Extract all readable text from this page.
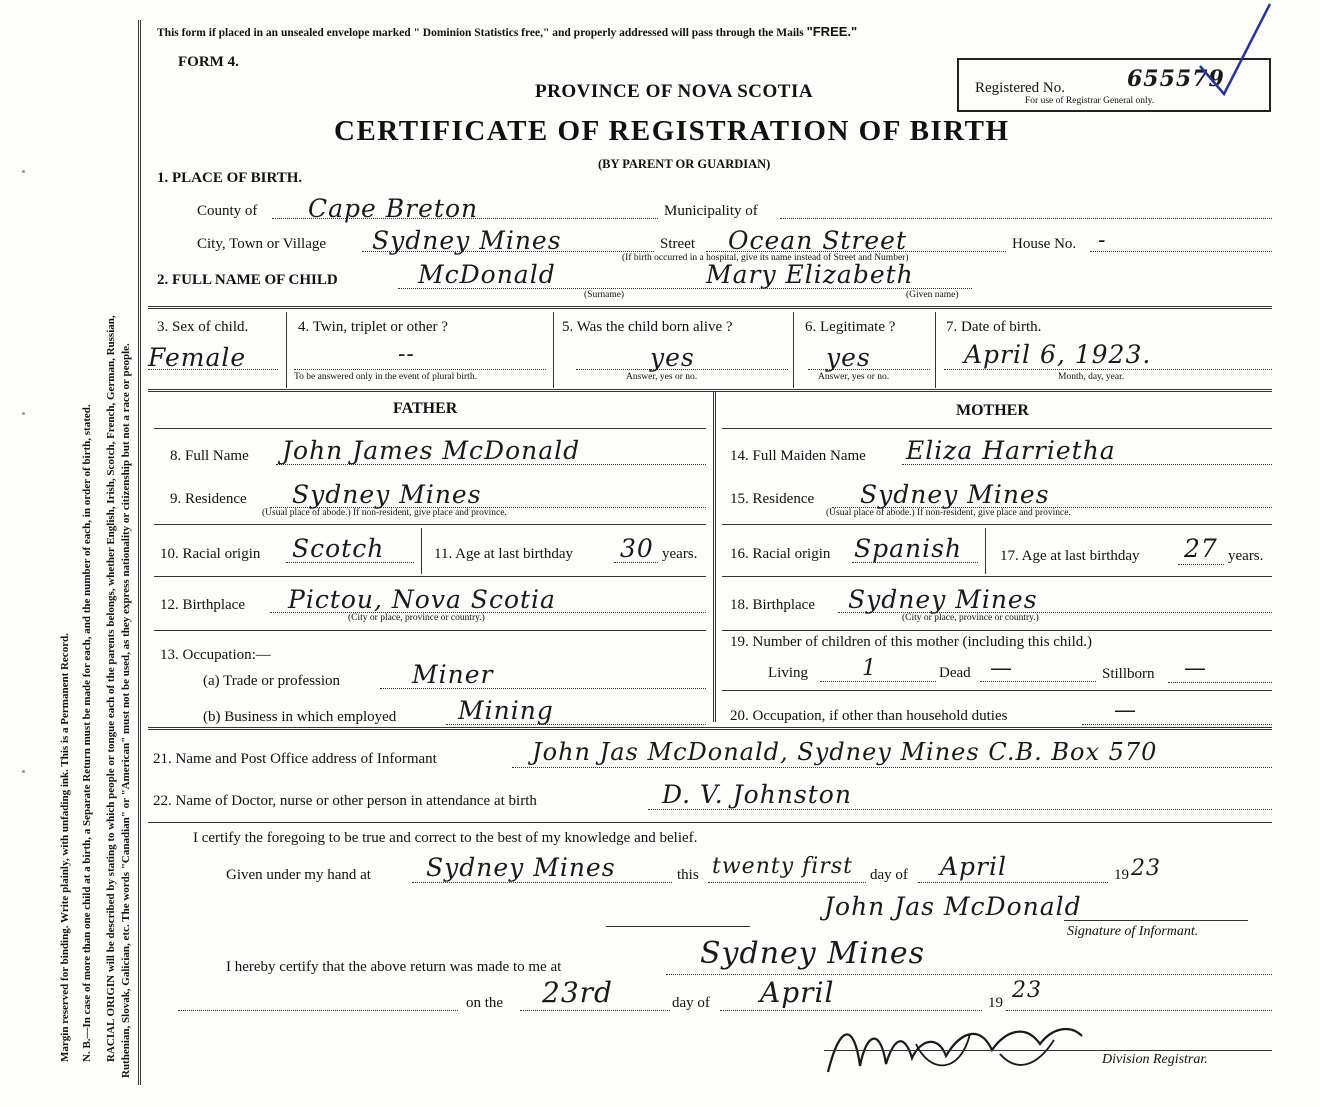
Margin reserved for binding. Write plainly, with unfading ink. This is a Permanent Record. N. B.—In case of more than one child at a birth, a Separate Return must be made for each, and the number of each, in order of birth, stated. RACIAL ORIGIN will be described by stating to which people or tongue each of the parents belongs, whether English, Irish, Scotch, French, German, Russian, Ruthenian, Slovak, Galician, etc. The words "Canadian" or "American" must not be used, as they express nationality or citizenship but not a race or people.
This form if placed in an unsealed envelope marked " Dominion Statistics free," and properly addressed will pass through the Mails "FREE."
FORM 4.
PROVINCE OF NOVA SCOTIA
CERTIFICATE OF REGISTRATION OF BIRTH
(BY PARENT OR GUARDIAN)
Registered No.	655579
For use of Registrar General only.
1. PLACE OF BIRTH.
County of Cape Breton	Municipality of
City, Town or Village Sydney Mines	Street Ocean Street	House No. -
(If birth occurred in a hospital, give its name instead of Street and Number)
2. FULL NAME OF CHILD	McDonald	Mary Elizabeth
(Surname)	(Given name)
3. Sex of child.
Female
4. Twin, triplet or other ?
--
To be answered only in the event of plural birth.
5. Was the child born alive ?
yes
Answer, yes or no.
6. Legitimate ?
yes
Answer, yes or no.
7. Date of birth.
April 6, 1923.
Month, day, year.
FATHER
8. Full Name John James McDonald
9. Residence Sydney Mines
(Usual place of abode.) If non-resident, give place and province.
10. Racial origin Scotch	11. Age at last birthday 30 years.
12. Birthplace Pictou, Nova Scotia
(City or place, province or country.)
13. Occupation:—
(a) Trade or profession	Miner
(b) Business in which employed Mining
MOTHER
14. Full Maiden Name Eliza Harrietha
15. Residence Sydney Mines
(Usual place of abode.) If non-resident, give place and province.
16. Racial origin Spanish	17. Age at last birthday 27 years.
18. Birthplace Sydney Mines
(City or place, province or country.)
19. Number of children of this mother (including this child.)
Living 1	Dead —	Stillborn —
20. Occupation, if other than household duties	—
21. Name and Post Office address of Informant	John Jas McDonald, Sydney Mines C.B. Box 570
22. Name of Doctor, nurse or other person in attendance at birth	D. V. Johnston
I certify the foregoing to be true and correct to the best of my knowledge and belief.
Given under my hand at Sydney Mines	this twenty first day of April	19 23
John Jas McDonald
Signature of Informant.
I hereby certify that the above return was made to me at	Sydney Mines
on the 23rd	day of April	19 23
Division Registrar.
